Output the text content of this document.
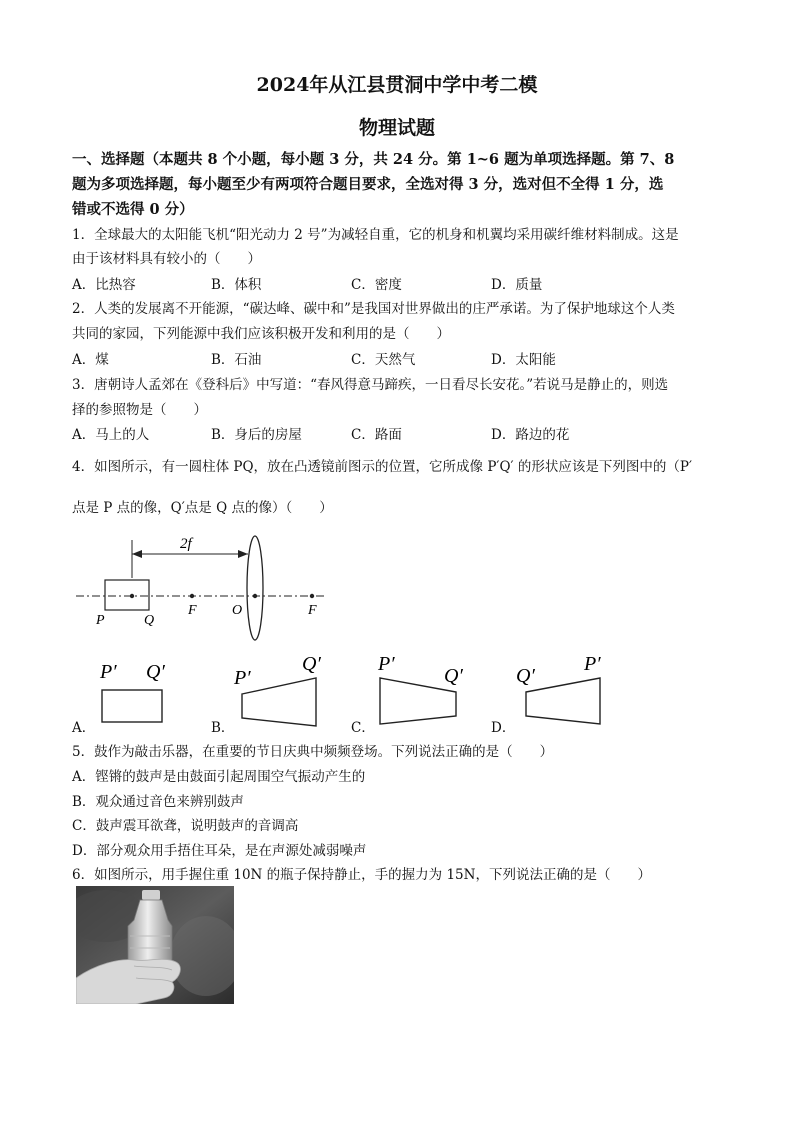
2024年从江县贯洞中学中考二模
物理试题
一、选择题（本题共 8 个小题，每小题 3 分，共 24 分。第 1~6 题为单项选择题。第 7、8
题为多项选择题，每小题至少有两项符合题目要求，全选对得 3 分，选对但不全得 1 分，选
错或不选得 0 分）
1．全球最大的太阳能飞机“阳光动力 2 号”为减轻自重，它的机身和机翼均采用碳纤维材料制成。这是
由于该材料具有较小的（　　）
A．比热容	B．体积	C．密度	D．质量
2．人类的发展离不开能源，“碳达峰、碳中和”是我国对世界做出的庄严承诺。为了保护地球这个人类
共同的家园，下列能源中我们应该积极开发和利用的是（　　）
A．煤	B．石油	C．天然气	D．太阳能
3．唐朝诗人孟郊在《登科后》中写道：“春风得意马蹄疾，一日看尽长安花。”若说马是静止的，则选
择的参照物是（　　）
A．马上的人	B．身后的房屋	C．路面	D．路边的花
4．如图所示，有一圆柱体 PQ，放在凸透镜前图示的位置，它所成像 P′Q′ 的形状应该是下列图中的（P′
点是 P 点的像，Q′点是 Q 点的像）（　　）
2f
P	Q
F	O	F
A．
P′ Q′
B．
P′
Q′
C．
P′
Q′
D．
Q′
P′
5．鼓作为敲击乐器，在重要的节日庆典中频频登场。下列说法正确的是（　　）
A．铿锵的鼓声是由鼓面引起周围空气振动产生的
B．观众通过音色来辨别鼓声
C．鼓声震耳欲聋，说明鼓声的音调高
D．部分观众用手捂住耳朵，是在声源处减弱噪声
6．如图所示，用手握住重 10N 的瓶子保持静止，手的握力为 15N，下列说法正确的是（　　）
